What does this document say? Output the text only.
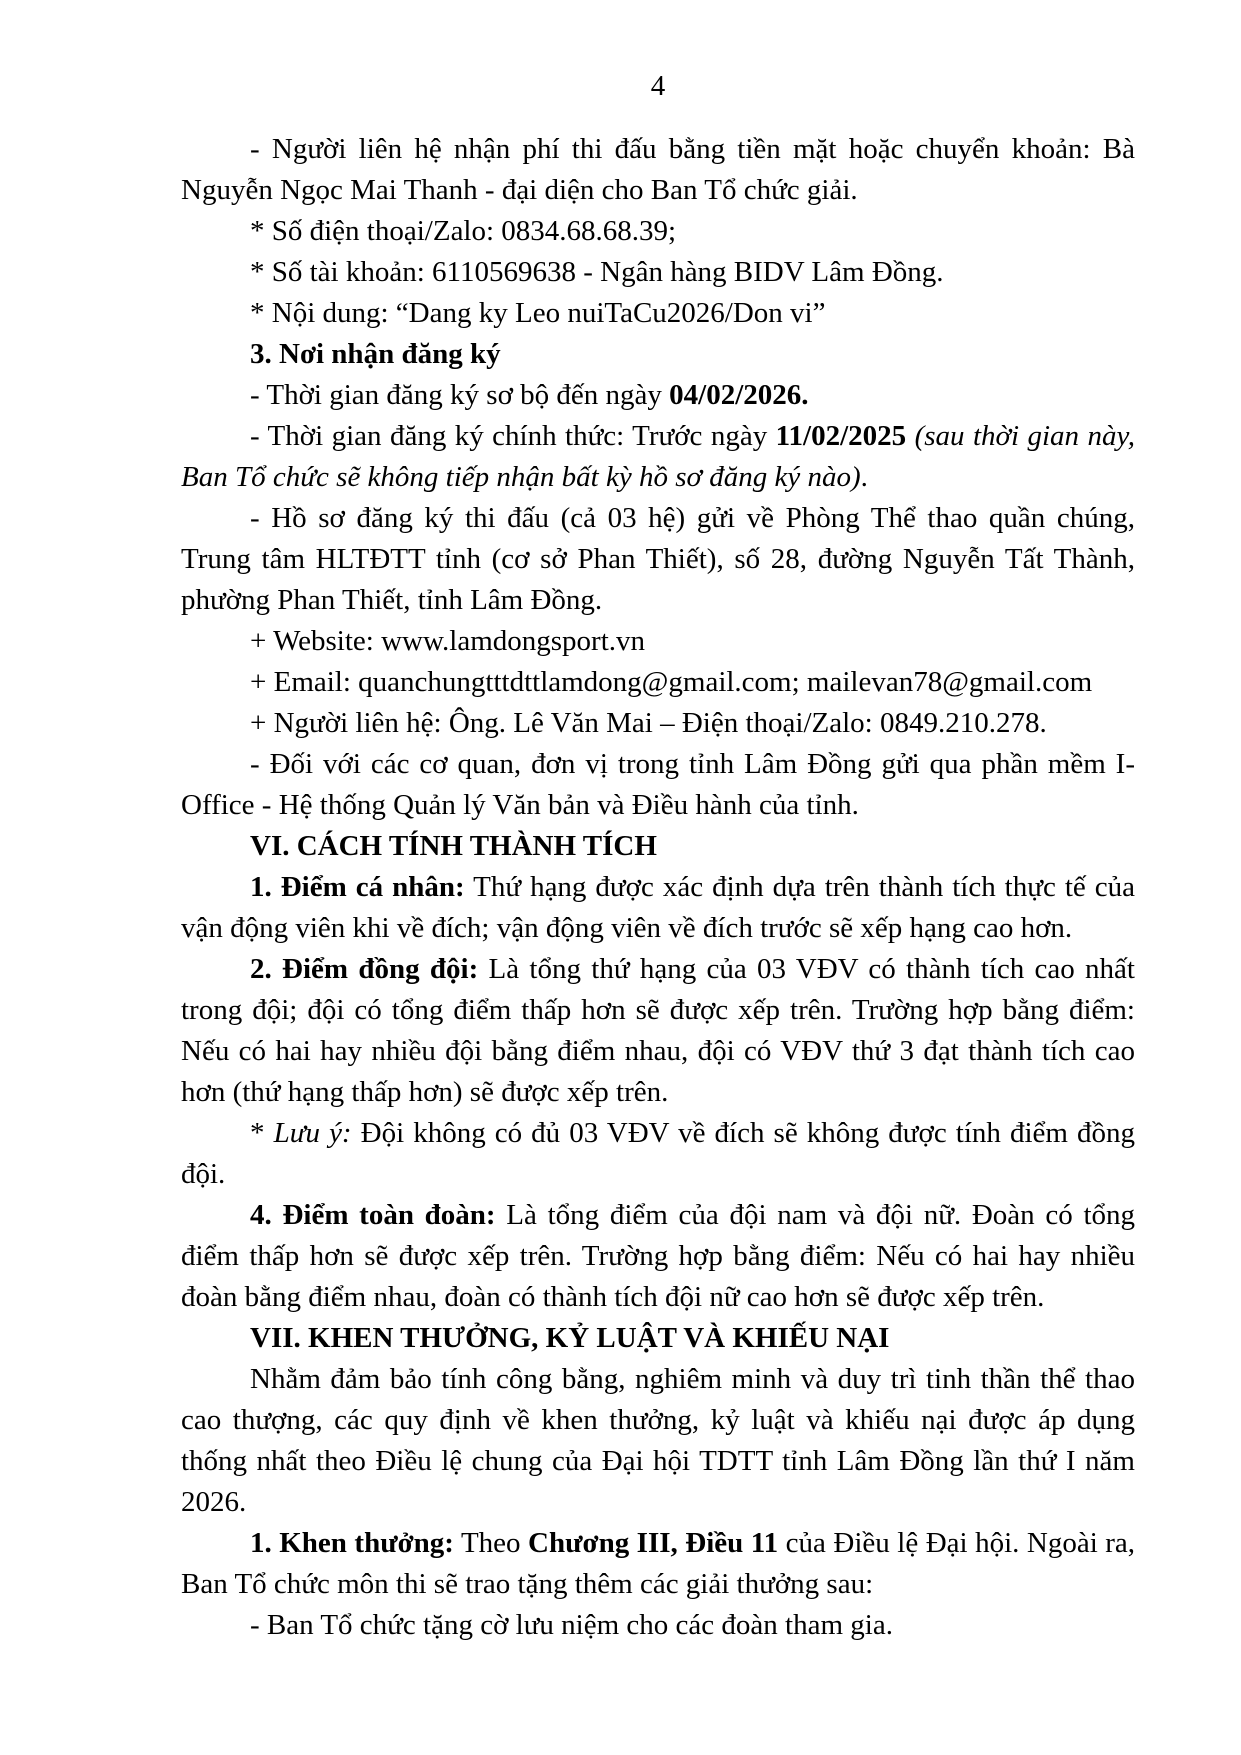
4

- Người liên hệ nhận phí thi đấu bằng tiền mặt hoặc chuyển khoản: Bà Nguyễn Ngọc Mai Thanh - đại diện cho Ban Tổ chức giải.

* Số điện thoại/Zalo: 0834.68.68.39;

* Số tài khoản: 6110569638 - Ngân hàng BIDV Lâm Đồng.

* Nội dung: “Dang ky Leo nuiTaCu2026/Don vi”

3. Nơi nhận đăng ký

- Thời gian đăng ký sơ bộ đến ngày 04/02/2026.

- Thời gian đăng ký chính thức: Trước ngày 11/02/2025 (sau thời gian này, Ban Tổ chức sẽ không tiếp nhận bất kỳ hồ sơ đăng ký nào).

- Hồ sơ đăng ký thi đấu (cả 03 hệ) gửi về Phòng Thể thao quần chúng, Trung tâm HLTĐTT tỉnh (cơ sở Phan Thiết), số 28, đường Nguyễn Tất Thành, phường Phan Thiết, tỉnh Lâm Đồng.

+ Website: www.lamdongsport.vn

+ Email: quanchungtttdttlamdong@gmail.com; mailevan78@gmail.com

+ Người liên hệ: Ông. Lê Văn Mai – Điện thoại/Zalo: 0849.210.278.

- Đối với các cơ quan, đơn vị trong tỉnh Lâm Đồng gửi qua phần mềm I-Office - Hệ thống Quản lý Văn bản và Điều hành của tỉnh.

VI. CÁCH TÍNH THÀNH TÍCH

1. Điểm cá nhân: Thứ hạng được xác định dựa trên thành tích thực tế của vận động viên khi về đích; vận động viên về đích trước sẽ xếp hạng cao hơn.

2. Điểm đồng đội: Là tổng thứ hạng của 03 VĐV có thành tích cao nhất trong đội; đội có tổng điểm thấp hơn sẽ được xếp trên. Trường hợp bằng điểm: Nếu có hai hay nhiều đội bằng điểm nhau, đội có VĐV thứ 3 đạt thành tích cao hơn (thứ hạng thấp hơn) sẽ được xếp trên.

* Lưu ý: Đội không có đủ 03 VĐV về đích sẽ không được tính điểm đồng đội.

4. Điểm toàn đoàn: Là tổng điểm của đội nam và đội nữ. Đoàn có tổng điểm thấp hơn sẽ được xếp trên. Trường hợp bằng điểm: Nếu có hai hay nhiều đoàn bằng điểm nhau, đoàn có thành tích đội nữ cao hơn sẽ được xếp trên.

VII. KHEN THƯỞNG, KỶ LUẬT VÀ KHIẾU NẠI

Nhằm đảm bảo tính công bằng, nghiêm minh và duy trì tinh thần thể thao cao thượng, các quy định về khen thưởng, kỷ luật và khiếu nại được áp dụng thống nhất theo Điều lệ chung của Đại hội TDTT tỉnh Lâm Đồng lần thứ I năm 2026.

1. Khen thưởng: Theo Chương III, Điều 11 của Điều lệ Đại hội. Ngoài ra, Ban Tổ chức môn thi sẽ trao tặng thêm các giải thưởng sau:

- Ban Tổ chức tặng cờ lưu niệm cho các đoàn tham gia.
